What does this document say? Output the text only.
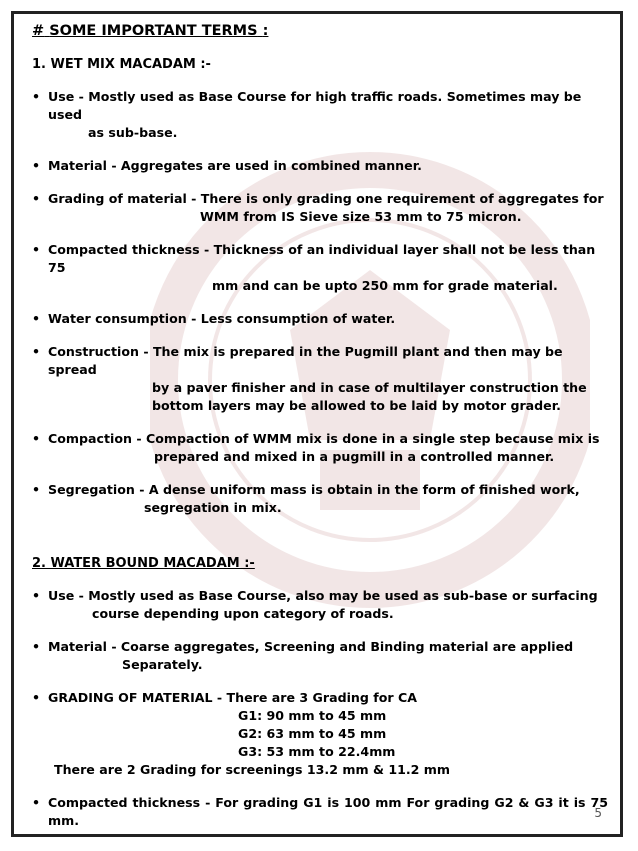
# SOME IMPORTANT TERMS :
1. WET MIX MACADAM :-
• Use - Mostly used as Base Course for high traffic roads. Sometimes may be used
as sub-base.
• Material - Aggregates are used in combined manner.
• Grading of material - There is only grading one requirement of aggregates for
WMM from IS Sieve size 53 mm to 75 micron.
• Compacted thickness - Thickness of an individual layer shall not be less than 75
mm and can be upto 250 mm for grade material.
• Water consumption - Less consumption of water.
• Construction - The mix is prepared in the Pugmill plant and then may be spread
by a paver finisher and in case of multilayer construction the
bottom layers may be allowed to be laid by motor grader.
• Compaction - Compaction of WMM mix is done in a single step because mix is
prepared and mixed in a pugmill in a controlled manner.
• Segregation - A dense uniform mass is obtain in the form of finished work,
segregation in mix.
2. WATER BOUND MACADAM :-
• Use - Mostly used as Base Course, also may be used as sub-base or surfacing
course depending upon category of roads.
• Material - Coarse aggregates, Screening and Binding material are applied
Separately.
• GRADING OF MATERIAL - There are 3 Grading for CA
G1: 90 mm to 45 mm
G2: 63 mm to 45 mm
G3: 53 mm to 22.4mm
There are 2 Grading for screenings 13.2 mm & 11.2 mm
• Compacted thickness - For grading G1 is 100 mm For grading G2 & G3 it is 75 mm.	5
